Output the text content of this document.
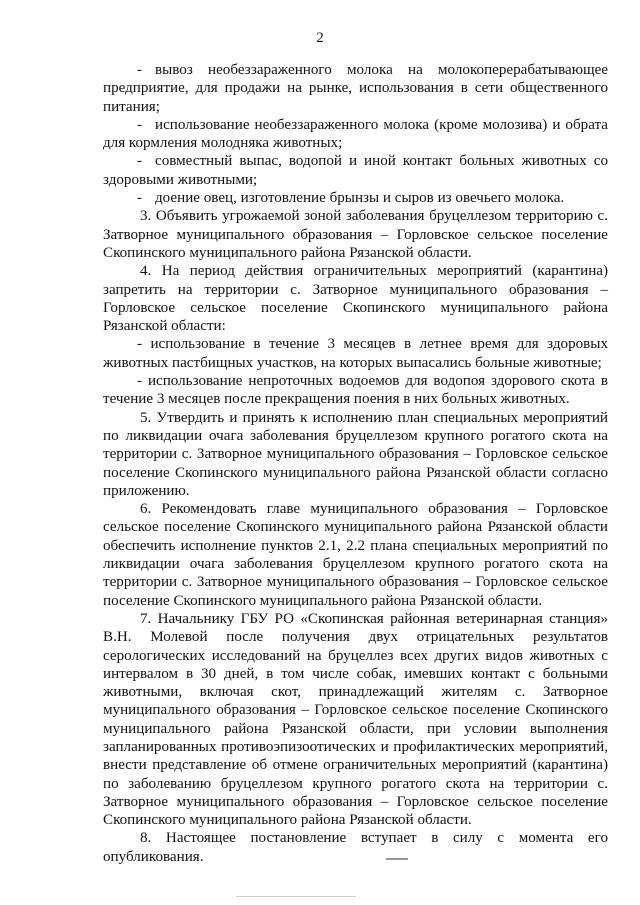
2

- вывоз необеззараженного молока на молокоперерабатывающее предприятие, для продажи на рынке, использования в сети общественного питания;

- использование необеззараженного молока (кроме молозива) и обрата для кормления молодняка животных;

- совместный выпас, водопой и иной контакт больных животных со здоровыми животными;

- доение овец, изготовление брынзы и сыров из овечьего молока.

3. Объявить угрожаемой зоной заболевания бруцеллезом территорию с. Затворное муниципального образования – Горловское сельское поселение Скопинского муниципального района Рязанской области.

4. На период действия ограничительных мероприятий (карантина) запретить на территории с. Затворное муниципального образования – Горловское сельское поселение Скопинского муниципального района Рязанской области:

- использование в течение 3 месяцев в летнее время для здоровых животных пастбищных участков, на которых выпасались больные животные;

- использование непроточных водоемов для водопоя здорового скота в течение 3 месяцев после прекращения поения в них больных животных.

5. Утвердить и принять к исполнению план специальных мероприятий по ликвидации очага заболевания бруцеллезом крупного рогатого скота на территории с. Затворное муниципального образования – Горловское сельское поселение Скопинского муниципального района Рязанской области согласно приложению.

6. Рекомендовать главе муниципального образования – Горловское сельское поселение Скопинского муниципального района Рязанской области обеспечить исполнение пунктов 2.1, 2.2 плана специальных мероприятий по ликвидации очага заболевания бруцеллезом крупного рогатого скота на территории с. Затворное муниципального образования – Горловское сельское поселение Скопинского муниципального района Рязанской области.

7. Начальнику ГБУ РО «Скопинская районная ветеринарная станция» В.Н. Молевой после получения двух отрицательных результатов серологических исследований на бруцеллез всех других видов животных с интервалом в 30 дней, в том числе собак, имевших контакт с больными животными, включая скот, принадлежащий жителям с. Затворное муниципального образования – Горловское сельское поселение Скопинского муниципального района Рязанской области, при условии выполнения запланированных противоэпизоотических и профилактических мероприятий, внести представление об отмене ограничительных мероприятий (карантина) по заболеванию бруцеллезом крупного рогатого скота на территории с. Затворное муниципального образования – Горловское сельское поселение Скопинского муниципального района Рязанской области.

8. Настоящее постановление вступает в силу с момента его опубликования.
